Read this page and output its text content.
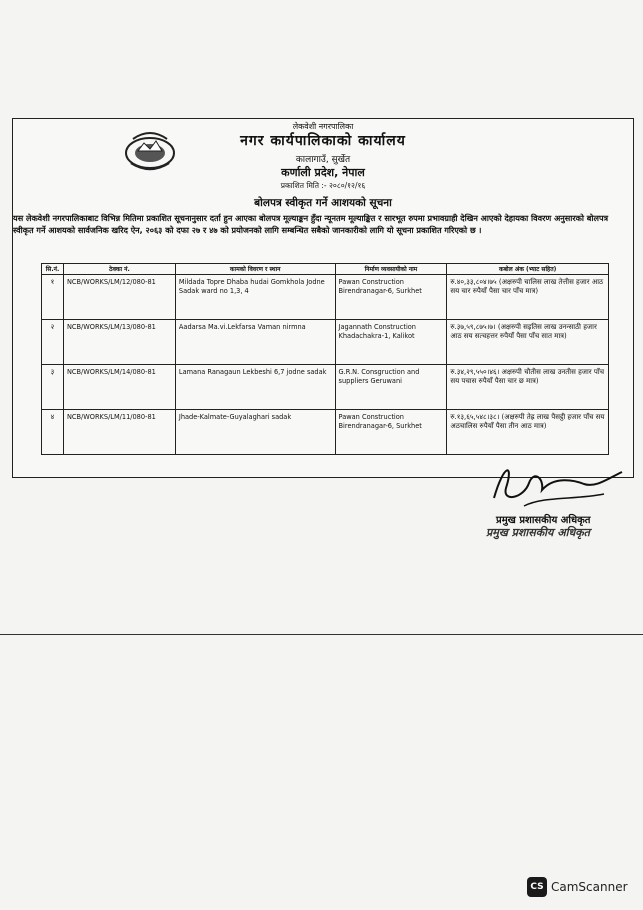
लेकवेशी नगरपालिका
नगर कार्यपालिकाको कार्यालय
कालागाउँ, सुर्खेत
कर्णाली प्रदेश, नेपाल
प्रकाशित मिति :- २०८०/१२/१६
बोलपत्र स्वीकृत गर्ने आशयको सूचना
यस लेकवेशी नगरपालिकाबाट विभिन्न मितिमा प्रकाशित सूचनानुसार दर्ता हुन आएका बोलपत्र मूल्याङ्कन हुँदा न्यूनतम मूल्याङ्कित र सारभूत रुपमा प्रभावग्राही देखिन आएको देहायका विवरण अनुसारको बोलपत्र स्वीकृत गर्ने आशयको सार्वजनिक खरिद ऐन, २०६३ को दफा २७ र ४७ को प्रयोजनको लागि सम्बन्धित सबैको जानकारीको लागि यो सूचना प्रकाशित गरिएको छ ।
सि.नं.	ठेक्का नं.	कामको विवरण र स्थान	निर्माण व्यवसायीको नाम	कबोल अंक (भ्याट सहित)
१	NCB/WORKS/LM/12/080-81	Mildada Topre Dhaba hudai Gomkhola Jodne Sadak ward no 1,3, 4	Pawan Construction Birendranagar-6, Surkhet	रु.४०,३३,८०४।७५ (अक्षरुपी चालिस लाख तेत्तीस हजार आठ सय चार रुपैयाँ पैसा चार पाँच मात्र)
२	NCB/WORKS/LM/13/080-81	Aadarsa Ma.vi.Lekfarsa Vaman nirmna	Jagannath Construction Khadachakra-1, Kalikot	रु.३७,५९,८७५।७। (अक्षरुपी सइतिस लाख उनन्साठी हजार आठ सय सत्चहत्तर रुपैयाँ पैसा पाँच सात मात्र)
३	NCB/WORKS/LM/14/080-81	Lamana Ranagaun Lekbeshi 6,7 jodne sadak	G.R.N. Consgruction and suppliers Geruwani	रु.३४,२९,५५०।४६। अक्षरुपी चौतीस लाख उनतीस हजार पाँच सय पचास रुपैयाँ पैसा चार छ मात्र)
४	NCB/WORKS/LM/11/080-81	Jhade-Kalmate-Guyalaghari sadak	Pawan Construction Birendranagar-6, Surkhet	रु.१३,६५,५४८।३८। (अक्षरुपी तेह्र लाख पैसट्ठी हजार पाँच सय अठचालिस रुपैयाँ पैसा तीन आठ मात्र)
प्रमुख प्रशासकीय अधिकृत
प्रमुख प्रशासकीय अधिकृत
CS CamScanner
